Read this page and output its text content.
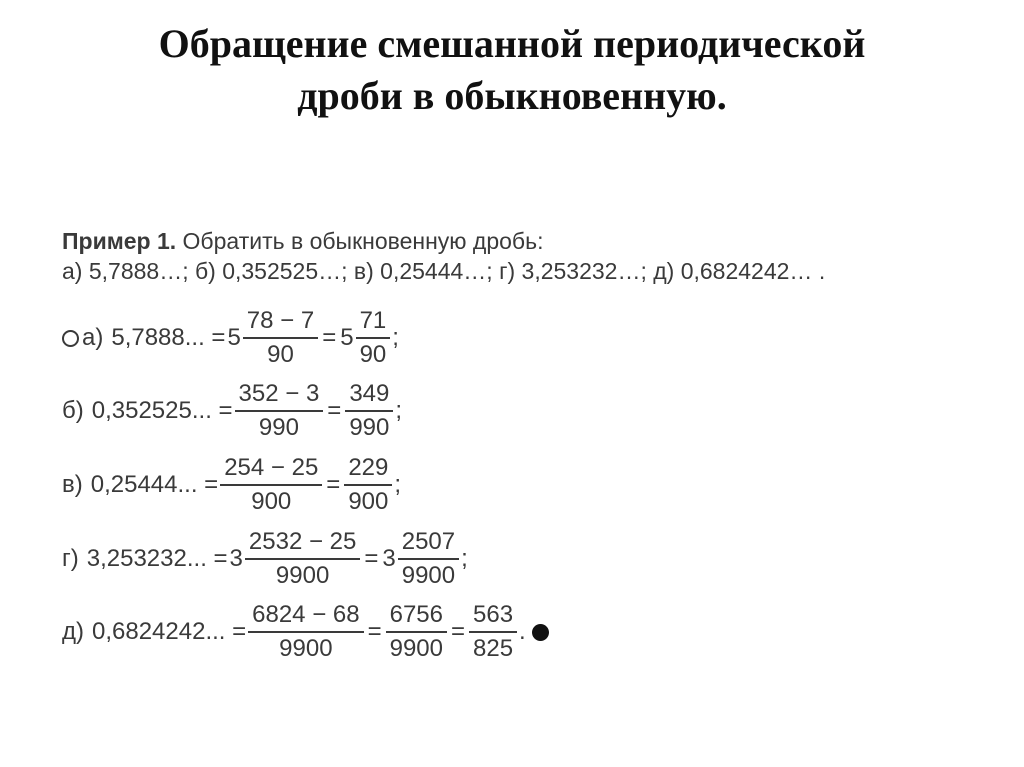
Обращение смешанной периодической
дроби в обыкновенную.
Пример 1. Обратить в обыкновенную дробь:
а) 5,7888…; б) 0,352525…; в) 0,25444…; г) 3,253232…; д) 0,6824242… .
а) 5,7888... = $5 \frac{78 - 7}{90} = 5 \frac{71}{90}$ ;
б) 0,352525... = $\frac{352 - 3}{990} = \frac{349}{990}$ ;
в) 0,25444... = $\frac{254 - 25}{900} = \frac{229}{900}$ ;
г) 3,253232... = $3 \frac{2532 - 25}{9900} = 3 \frac{2507}{9900}$ ;
д) 0,6824242... = $\frac{6824 - 68}{9900} = \frac{6756}{9900} = \frac{563}{825}$ .
